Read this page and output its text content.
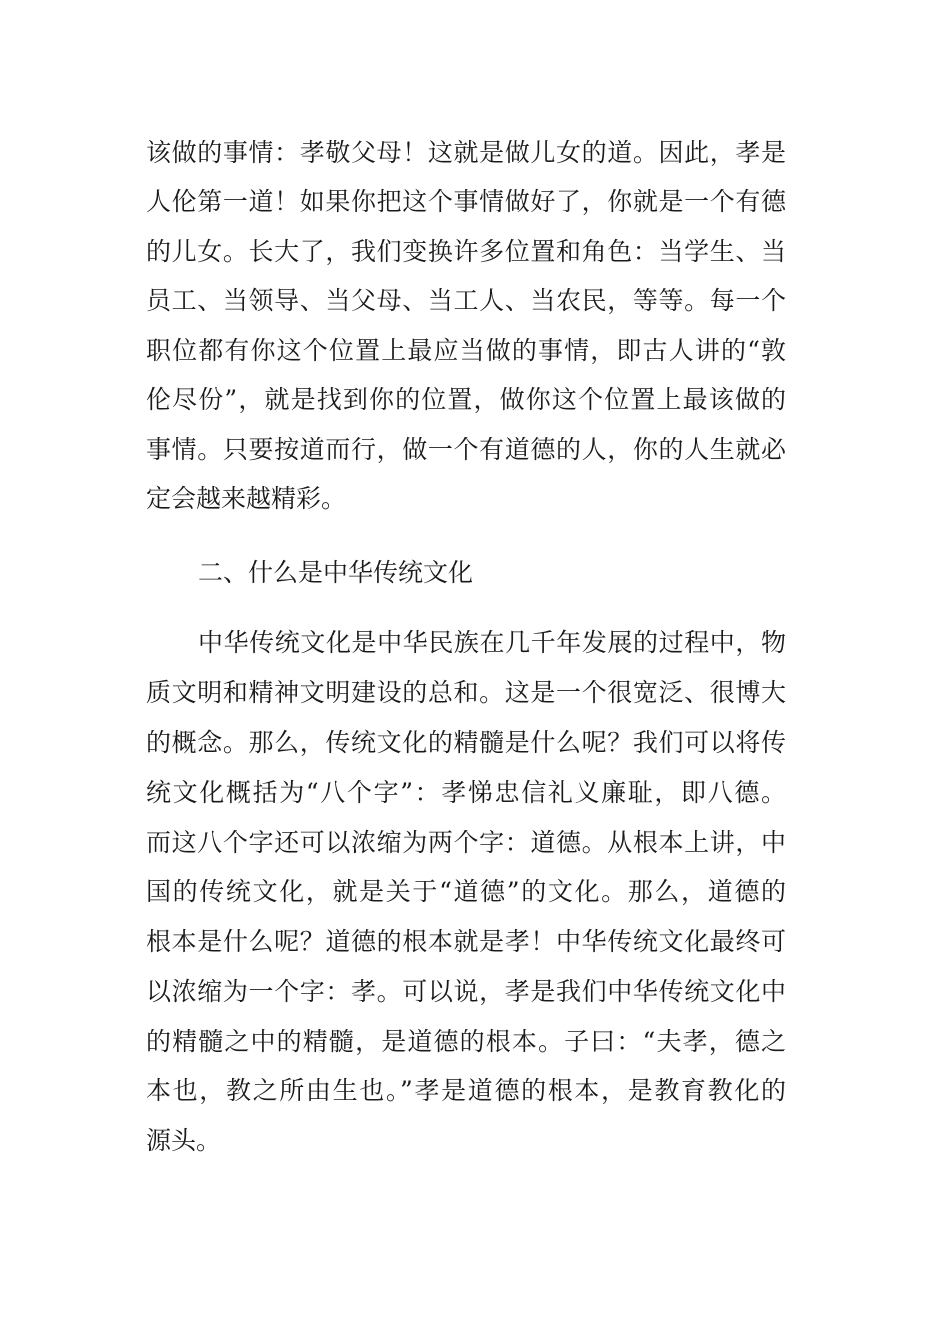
该做的事情：孝敬父母！这就是做儿女的道。因此，孝是
人伦第一道！如果你把这个事情做好了，你就是一个有德
的儿女。长大了，我们变换许多位置和角色：当学生、当
员工、当领导、当父母、当工人、当农民，等等。每一个
职位都有你这个位置上最应当做的事情，即古人讲的“敦
伦尽份”，就是找到你的位置，做你这个位置上最该做的
事情。只要按道而行，做一个有道德的人，你的人生就必
定会越来越精彩。
二、什么是中华传统文化
中华传统文化是中华民族在几千年发展的过程中，物
质文明和精神文明建设的总和。这是一个很宽泛、很博大
的概念。那么，传统文化的精髓是什么呢？我们可以将传
统文化概括为“八个字”：孝悌忠信礼义廉耻，即八德。
而这八个字还可以浓缩为两个字：道德。从根本上讲，中
国的传统文化，就是关于“道德”的文化。那么，道德的
根本是什么呢？道德的根本就是孝！中华传统文化最终可
以浓缩为一个字：孝。可以说，孝是我们中华传统文化中
的精髓之中的精髓，是道德的根本。子曰：“夫孝，德之
本也，教之所由生也。”孝是道德的根本，是教育教化的
源头。
